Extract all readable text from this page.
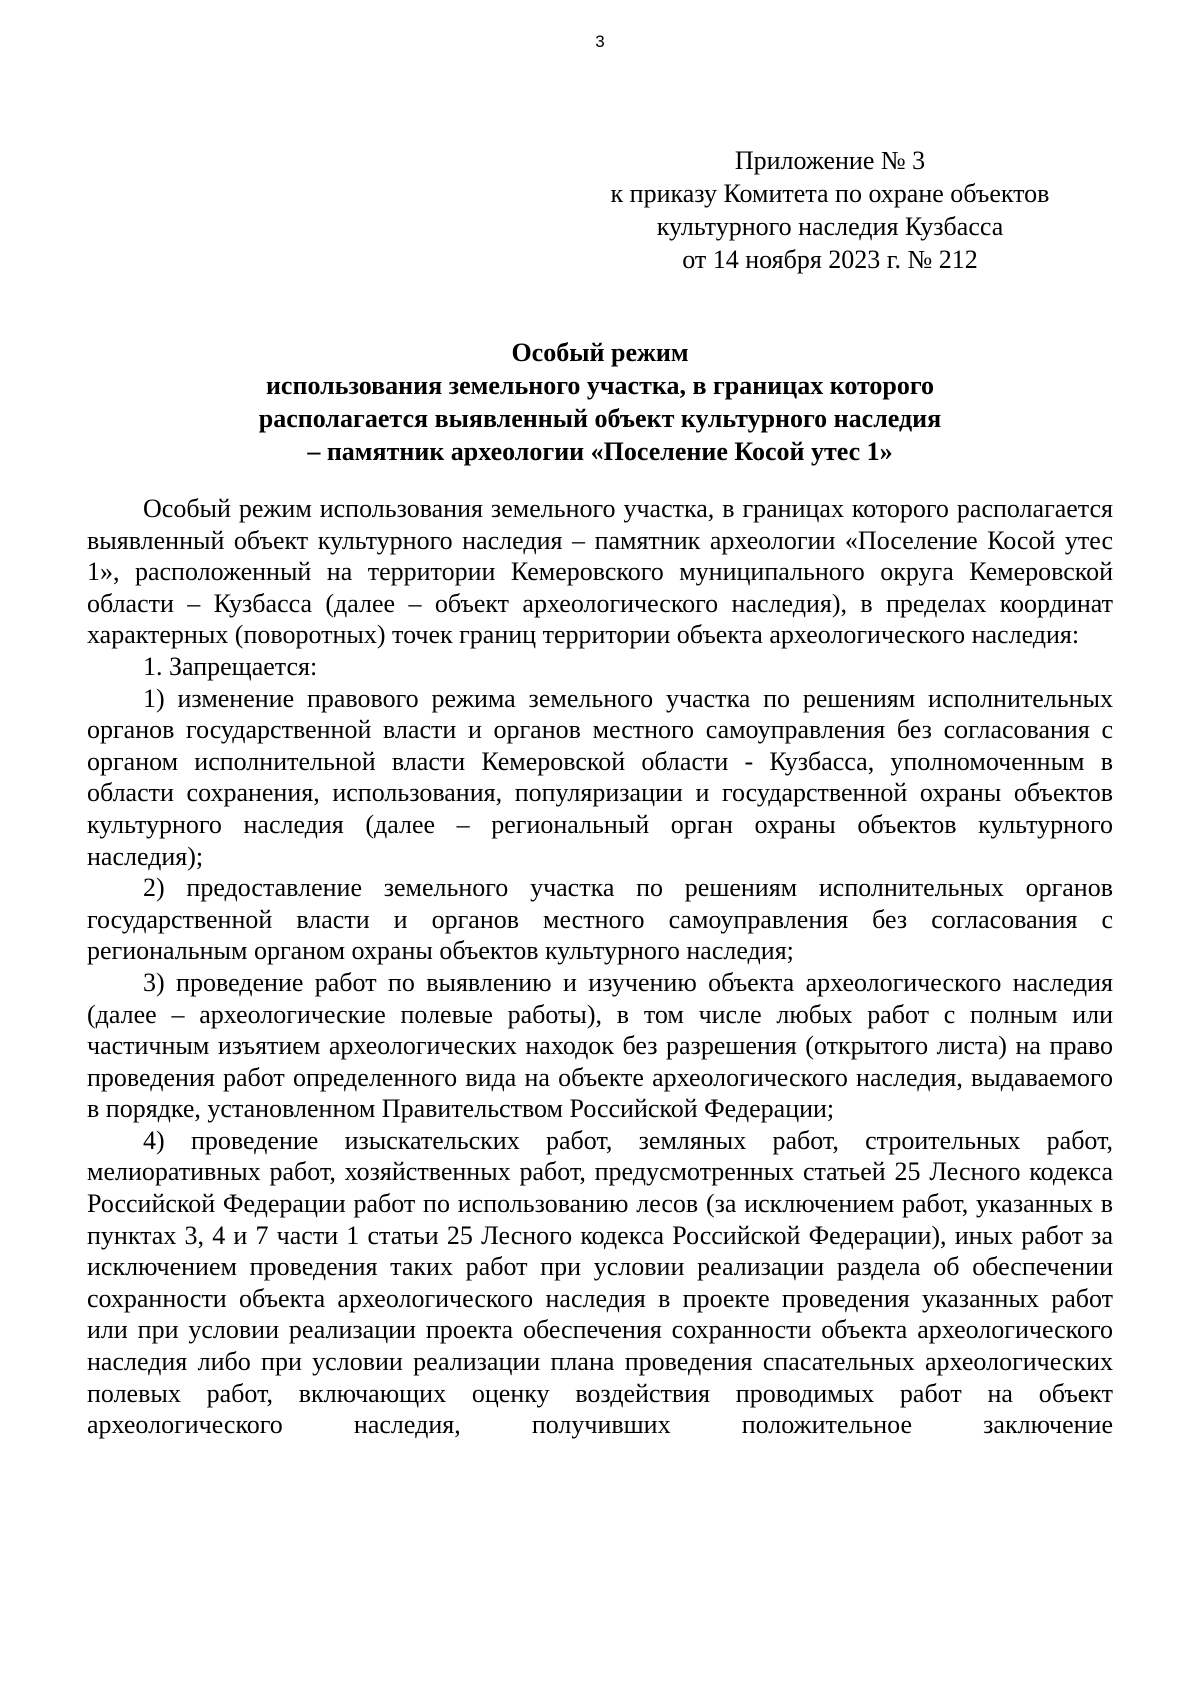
3
Приложение № 3
к приказу Комитета по охране объектов
культурного наследия Кузбасса
от 14 ноября 2023 г. № 212
Особый режим
использования земельного участка, в границах которого
располагается выявленный объект культурного наследия
– памятник археологии «Поселение Косой утес 1»

Особый режим использования земельного участка, в границах которого располагается выявленный объект культурного наследия – памятник археологии «Поселение Косой утес 1», расположенный на территории Кемеровского муниципального округа Кемеровской области – Кузбасса (далее – объект археологического наследия), в пределах координат характерных (поворотных) точек границ территории объекта археологического наследия:

1. Запрещается:

1) изменение правового режима земельного участка по решениям исполнительных органов государственной власти и органов местного самоуправления без согласования с органом исполнительной власти Кемеровской области - Кузбасса, уполномоченным в области сохранения, использования, популяризации и государственной охраны объектов культурного наследия (далее – региональный орган охраны объектов культурного наследия);

2) предоставление земельного участка по решениям исполнительных органов государственной власти и органов местного самоуправления без согласования с региональным органом охраны объектов культурного наследия;

3) проведение работ по выявлению и изучению объекта археологического наследия (далее – археологические полевые работы), в том числе любых работ с полным или частичным изъятием археологических находок без разрешения (открытого листа) на право проведения работ определенного вида на объекте археологического наследия, выдаваемого в порядке, установленном Правительством Российской Федерации;

4) проведение изыскательских работ, земляных работ, строительных работ, мелиоративных работ, хозяйственных работ, предусмотренных статьей 25 Лесного кодекса Российской Федерации работ по использованию лесов (за исключением работ, указанных в пунктах 3, 4 и 7 части 1 статьи 25 Лесного кодекса Российской Федерации), иных работ за исключением проведения таких работ при условии реализации раздела об обеспечении сохранности объекта археологического наследия в проекте проведения указанных работ или при условии реализации проекта обеспечения сохранности объекта археологического наследия либо при условии реализации плана проведения спасательных археологических полевых работ, включающих оценку воздействия проводимых работ на объект археологического наследия, получивших положительное заключение
